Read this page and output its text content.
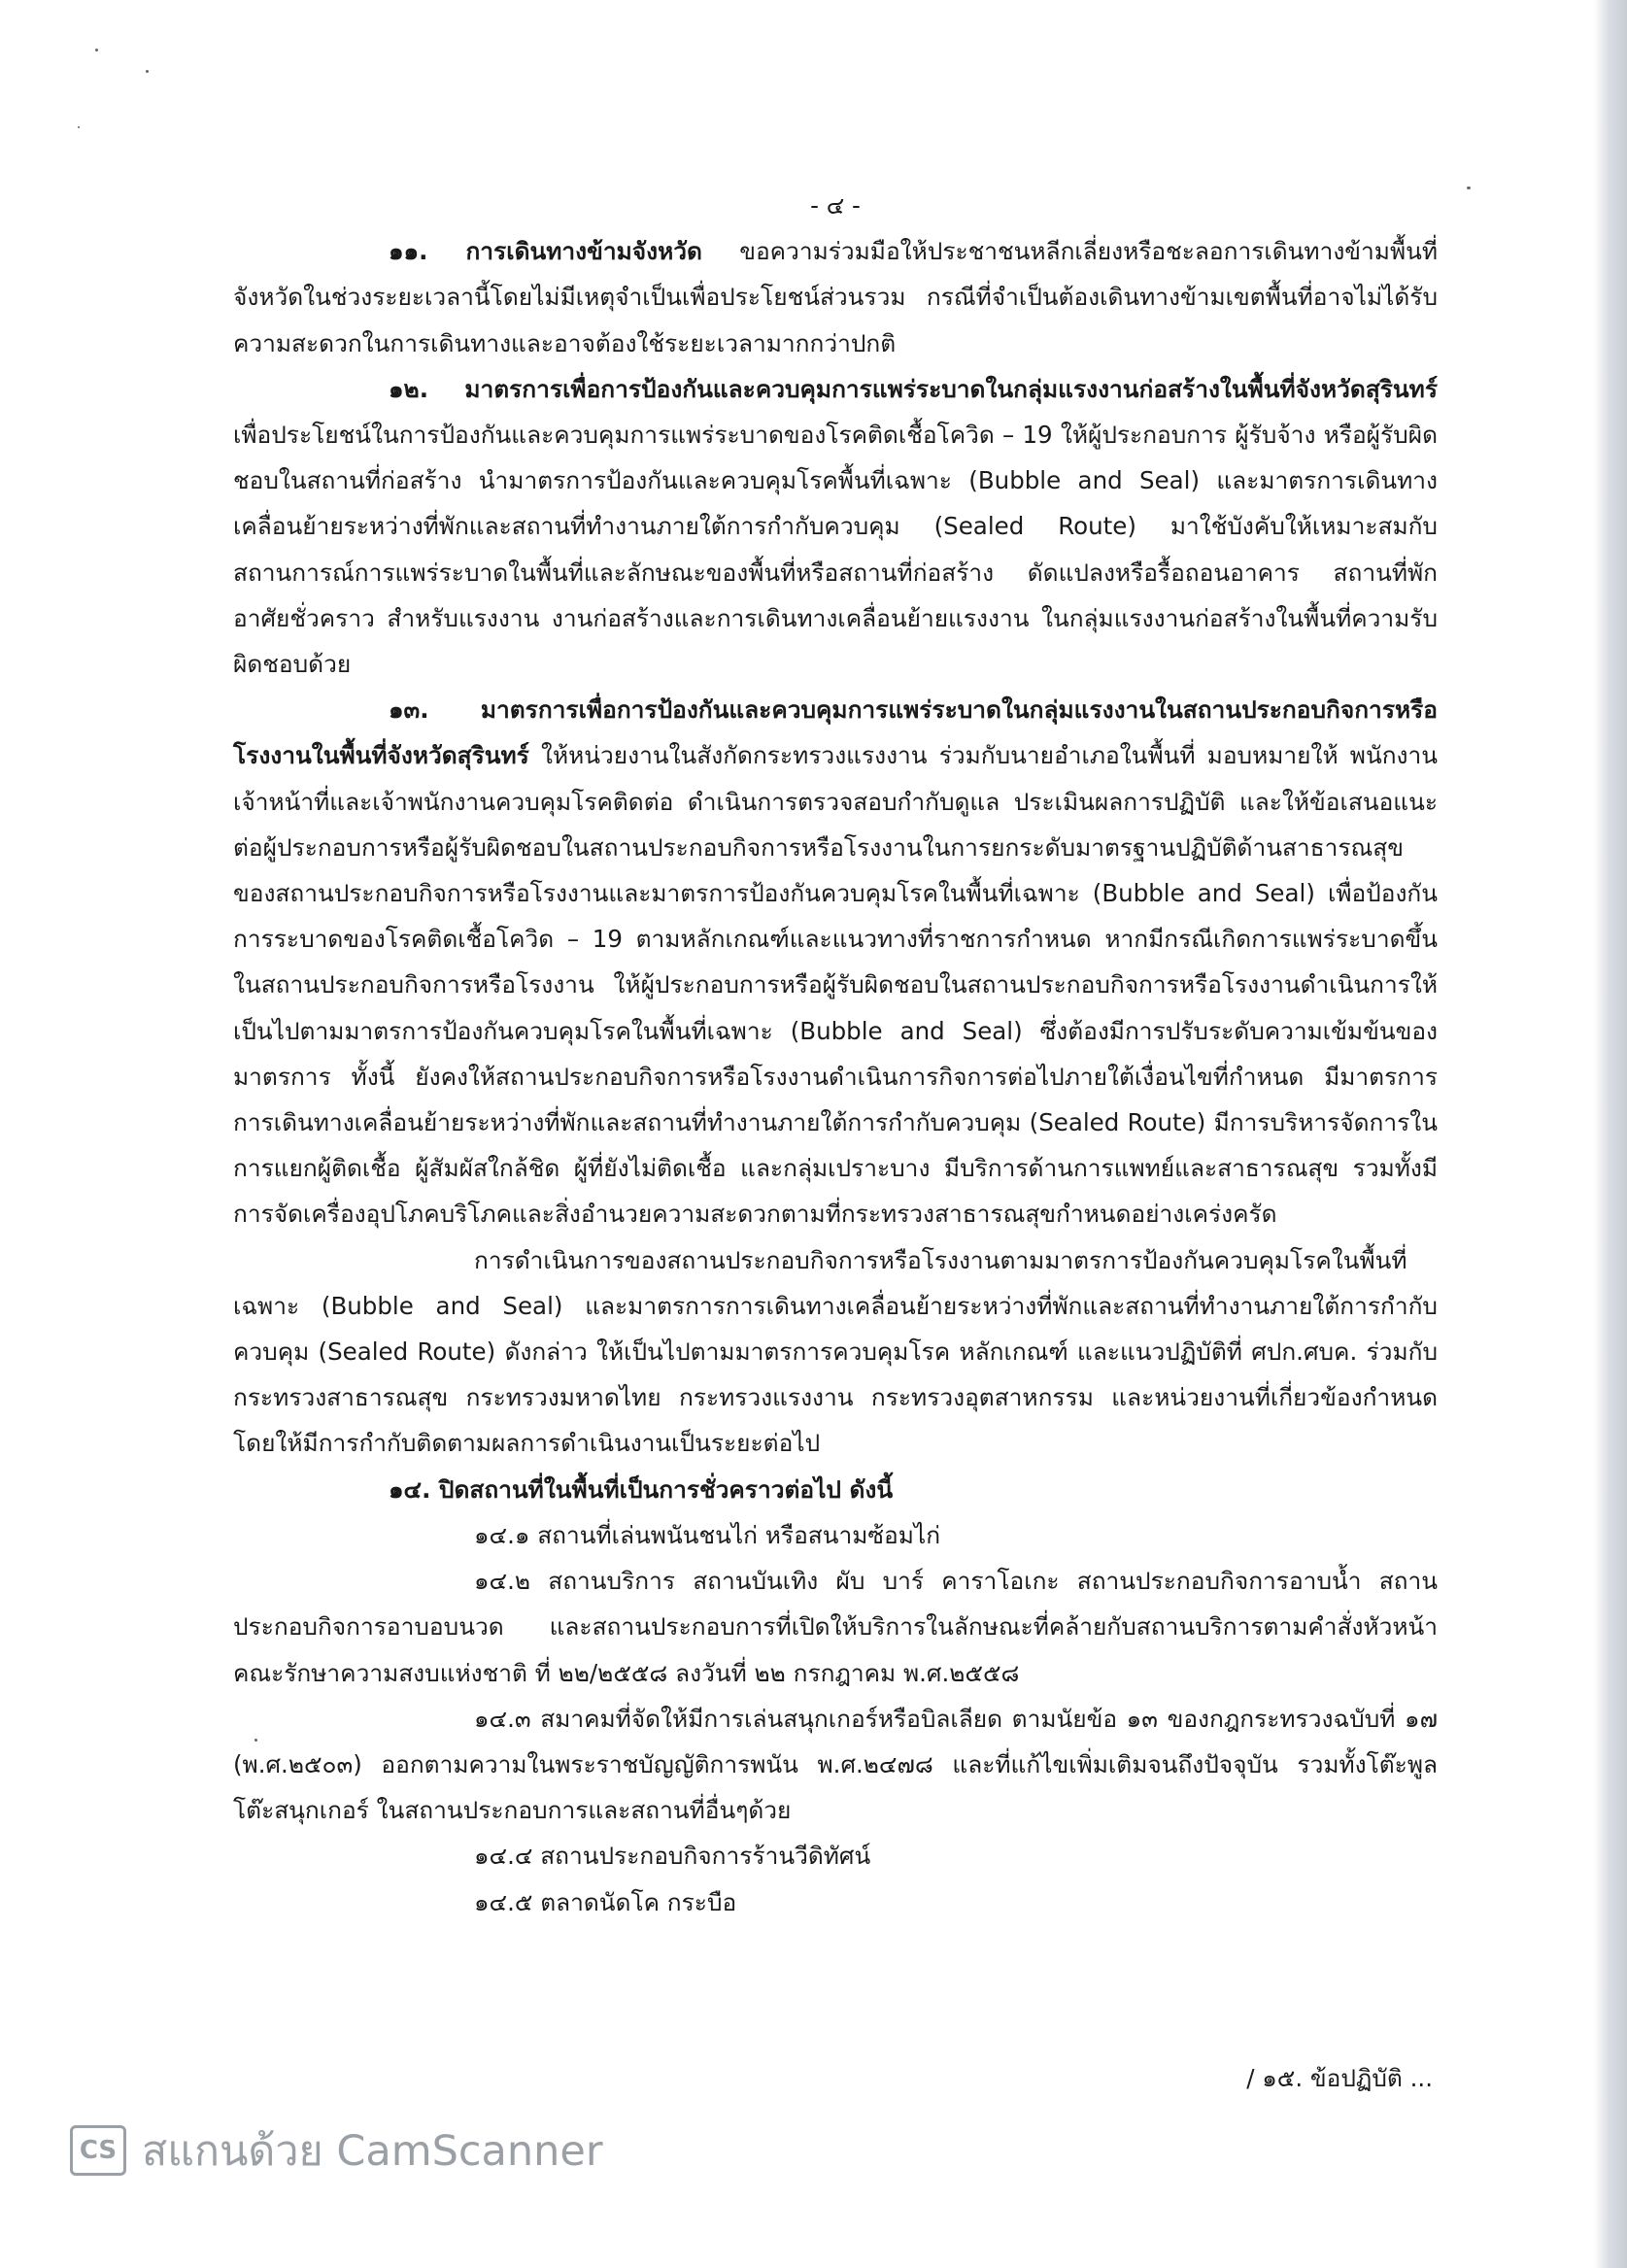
- ๔ -

๑๑. การเดินทางข้ามจังหวัด ขอความร่วมมือให้ประชาชนหลีกเลี่ยงหรือชะลอการเดินทางข้ามพื้นที่จังหวัดในช่วงระยะเวลานี้โดยไม่มีเหตุจำเป็นเพื่อประโยชน์ส่วนรวม กรณีที่จำเป็นต้องเดินทางข้ามเขตพื้นที่อาจไม่ได้รับความสะดวกในการเดินทางและอาจต้องใช้ระยะเวลามากกว่าปกติ

๑๒. มาตรการเพื่อการป้องกันและควบคุมการแพร่ระบาดในกลุ่มแรงงานก่อสร้างในพื้นที่จังหวัดสุรินทร์ เพื่อประโยชน์ในการป้องกันและควบคุมการแพร่ระบาดของโรคติดเชื้อโควิด – 19 ให้ผู้ประกอบการ ผู้รับจ้าง หรือผู้รับผิดชอบในสถานที่ก่อสร้าง นำมาตรการป้องกันและควบคุมโรคพื้นที่เฉพาะ (Bubble and Seal) และมาตรการเดินทางเคลื่อนย้ายระหว่างที่พักและสถานที่ทำงานภายใต้การกำกับควบคุม (Sealed Route) มาใช้บังคับให้เหมาะสมกับสถานการณ์การแพร่ระบาดในพื้นที่และลักษณะของพื้นที่หรือสถานที่ก่อสร้าง ดัดแปลงหรือรื้อถอนอาคาร สถานที่พักอาศัยชั่วคราว สำหรับแรงงาน งานก่อสร้างและการเดินทางเคลื่อนย้ายแรงงาน ในกลุ่มแรงงานก่อสร้างในพื้นที่ความรับผิดชอบด้วย

๑๓. มาตรการเพื่อการป้องกันและควบคุมการแพร่ระบาดในกลุ่มแรงงานในสถานประกอบกิจการหรือโรงงานในพื้นที่จังหวัดสุรินทร์ ให้หน่วยงานในสังกัดกระทรวงแรงงาน ร่วมกับนายอำเภอในพื้นที่ มอบหมายให้ พนักงานเจ้าหน้าที่และเจ้าพนักงานควบคุมโรคติดต่อ ดำเนินการตรวจสอบกำกับดูแล ประเมินผลการปฏิบัติ และให้ข้อเสนอแนะต่อผู้ประกอบการหรือผู้รับผิดชอบในสถานประกอบกิจการหรือโรงงานในการยกระดับมาตรฐานปฏิบัติด้านสาธารณสุขของสถานประกอบกิจการหรือโรงงานและมาตรการป้องกันควบคุมโรคในพื้นที่เฉพาะ (Bubble and Seal) เพื่อป้องกันการระบาดของโรคติดเชื้อโควิด – 19 ตามหลักเกณฑ์และแนวทางที่ราชการกำหนด หากมีกรณีเกิดการแพร่ระบาดขึ้นในสถานประกอบกิจการหรือโรงงาน ให้ผู้ประกอบการหรือผู้รับผิดชอบในสถานประกอบกิจการหรือโรงงานดำเนินการให้เป็นไปตามมาตรการป้องกันควบคุมโรคในพื้นที่เฉพาะ (Bubble and Seal) ซึ่งต้องมีการปรับระดับความเข้มข้นของมาตรการ ทั้งนี้ ยังคงให้สถานประกอบกิจการหรือโรงงานดำเนินการกิจการต่อไปภายใต้เงื่อนไขที่กำหนด มีมาตรการการเดินทางเคลื่อนย้ายระหว่างที่พักและสถานที่ทำงานภายใต้การกำกับควบคุม (Sealed Route) มีการบริหารจัดการในการแยกผู้ติดเชื้อ ผู้สัมผัสใกล้ชิด ผู้ที่ยังไม่ติดเชื้อ และกลุ่มเปราะบาง มีบริการด้านการแพทย์และสาธารณสุข รวมทั้งมีการจัดเครื่องอุปโภคบริโภคและสิ่งอำนวยความสะดวกตามที่กระทรวงสาธารณสุขกำหนดอย่างเคร่งครัด

การดำเนินการของสถานประกอบกิจการหรือโรงงานตามมาตรการป้องกันควบคุมโรคในพื้นที่เฉพาะ (Bubble and Seal) และมาตรการการเดินทางเคลื่อนย้ายระหว่างที่พักและสถานที่ทำงานภายใต้การกำกับควบคุม (Sealed Route) ดังกล่าว ให้เป็นไปตามมาตรการควบคุมโรค หลักเกณฑ์ และแนวปฏิบัติที่ ศปก.ศบค. ร่วมกับกระทรวงสาธารณสุข กระทรวงมหาดไทย กระทรวงแรงงาน กระทรวงอุตสาหกรรม และหน่วยงานที่เกี่ยวข้องกำหนด โดยให้มีการกำกับติดตามผลการดำเนินงานเป็นระยะต่อไป

๑๔. ปิดสถานที่ในพื้นที่เป็นการชั่วคราวต่อไป ดังนี้

๑๔.๑ สถานที่เล่นพนันชนไก่ หรือสนามซ้อมไก่

๑๔.๒ สถานบริการ สถานบันเทิง ผับ บาร์ คาราโอเกะ สถานประกอบกิจการอาบน้ำ สถานประกอบกิจการอาบอบนวด และสถานประกอบการที่เปิดให้บริการในลักษณะที่คล้ายกับสถานบริการตามคำสั่งหัวหน้าคณะรักษาความสงบแห่งชาติ ที่ ๒๒/๒๕๕๘ ลงวันที่ ๒๒ กรกฎาคม พ.ศ.๒๕๕๘

๑๔.๓ สมาคมที่จัดให้มีการเล่นสนุกเกอร์หรือบิลเลียด ตามนัยข้อ ๑๓ ของกฎกระทรวงฉบับที่ ๑๗ (พ.ศ.๒๕๐๓) ออกตามความในพระราชบัญญัติการพนัน พ.ศ.๒๔๗๘ และที่แก้ไขเพิ่มเติมจนถึงปัจจุบัน รวมทั้งโต๊ะพูล โต๊ะสนุกเกอร์ ในสถานประกอบการและสถานที่อื่นๆด้วย

๑๔.๔ สถานประกอบกิจการร้านวีดิทัศน์

๑๔.๕ ตลาดนัดโค กระบือ

/ ๑๕. ข้อปฏิบัติ ...
CS สแกนด้วย CamScanner
